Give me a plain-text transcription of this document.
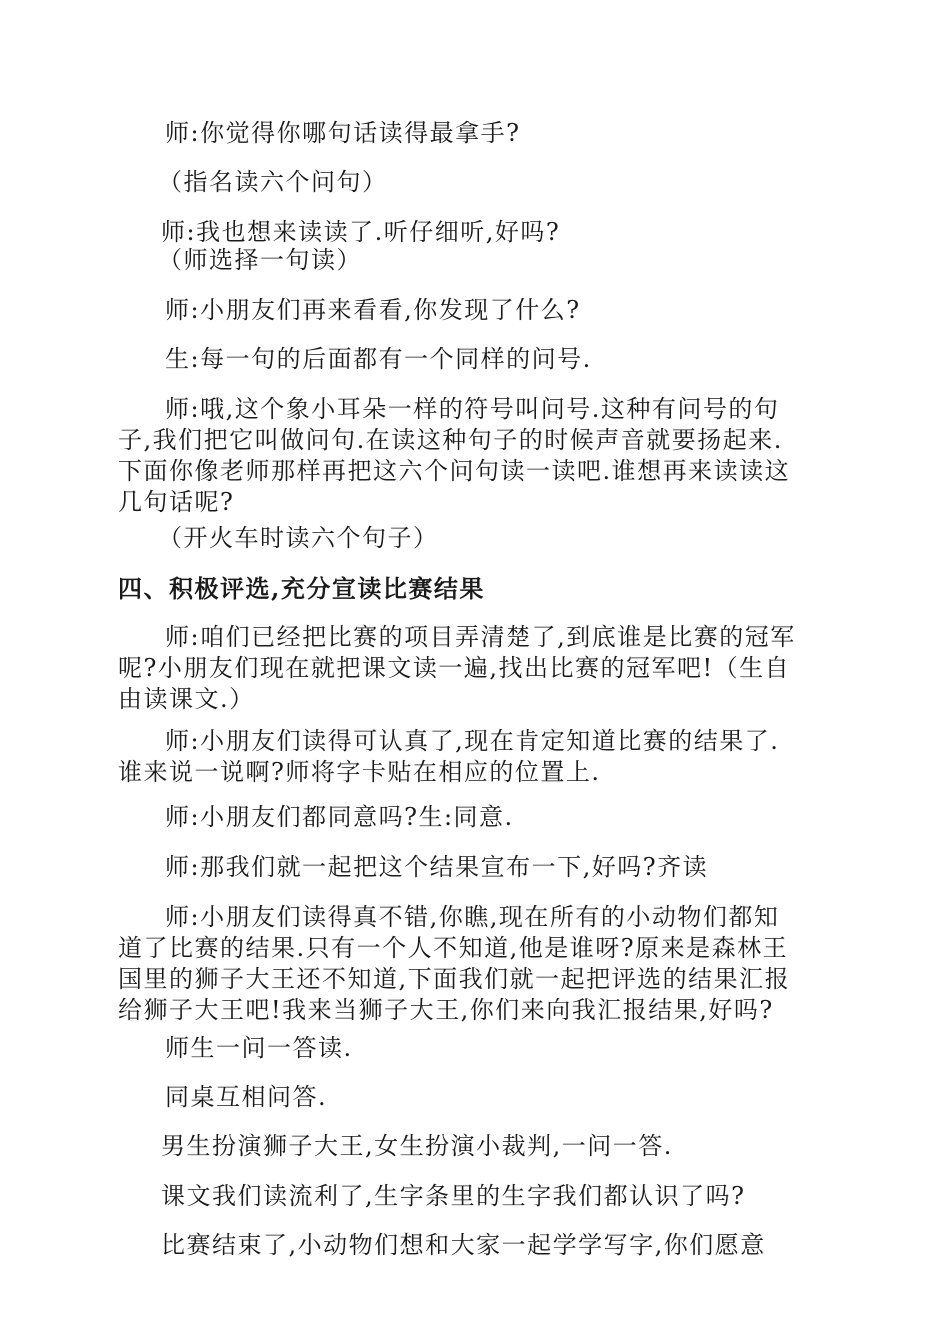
师:你觉得你哪句话读得最拿手?

（指名读六个问句）

师:我也想来读读了.听仔细听,好吗?

（师选择一句读）

师:小朋友们再来看看,你发现了什么?

生:每一句的后面都有一个同样的问号.

师:哦,这个象小耳朵一样的符号叫问号.这种有问号的句
子,我们把它叫做问句.在读这种句子的时候声音就要扬起来.
下面你像老师那样再把这六个问句读一读吧.谁想再来读读这
几句话呢?

（开火车时读六个句子）

四、积极评选,充分宣读比赛结果

师:咱们已经把比赛的项目弄清楚了,到底谁是比赛的冠军
呢?小朋友们现在就把课文读一遍,找出比赛的冠军吧!（生自
由读课文.）

师:小朋友们读得可认真了,现在肯定知道比赛的结果了.
谁来说一说啊?师将字卡贴在相应的位置上.

师:小朋友们都同意吗?生:同意.

师:那我们就一起把这个结果宣布一下,好吗?齐读

师:小朋友们读得真不错,你瞧,现在所有的小动物们都知
道了比赛的结果.只有一个人不知道,他是谁呀?原来是森林王
国里的狮子大王还不知道,下面我们就一起把评选的结果汇报
给狮子大王吧!我来当狮子大王,你们来向我汇报结果,好吗?

师生一问一答读.

同桌互相问答.

男生扮演狮子大王,女生扮演小裁判,一问一答.

课文我们读流利了,生字条里的生字我们都认识了吗?

比赛结束了,小动物们想和大家一起学学写字,你们愿意
